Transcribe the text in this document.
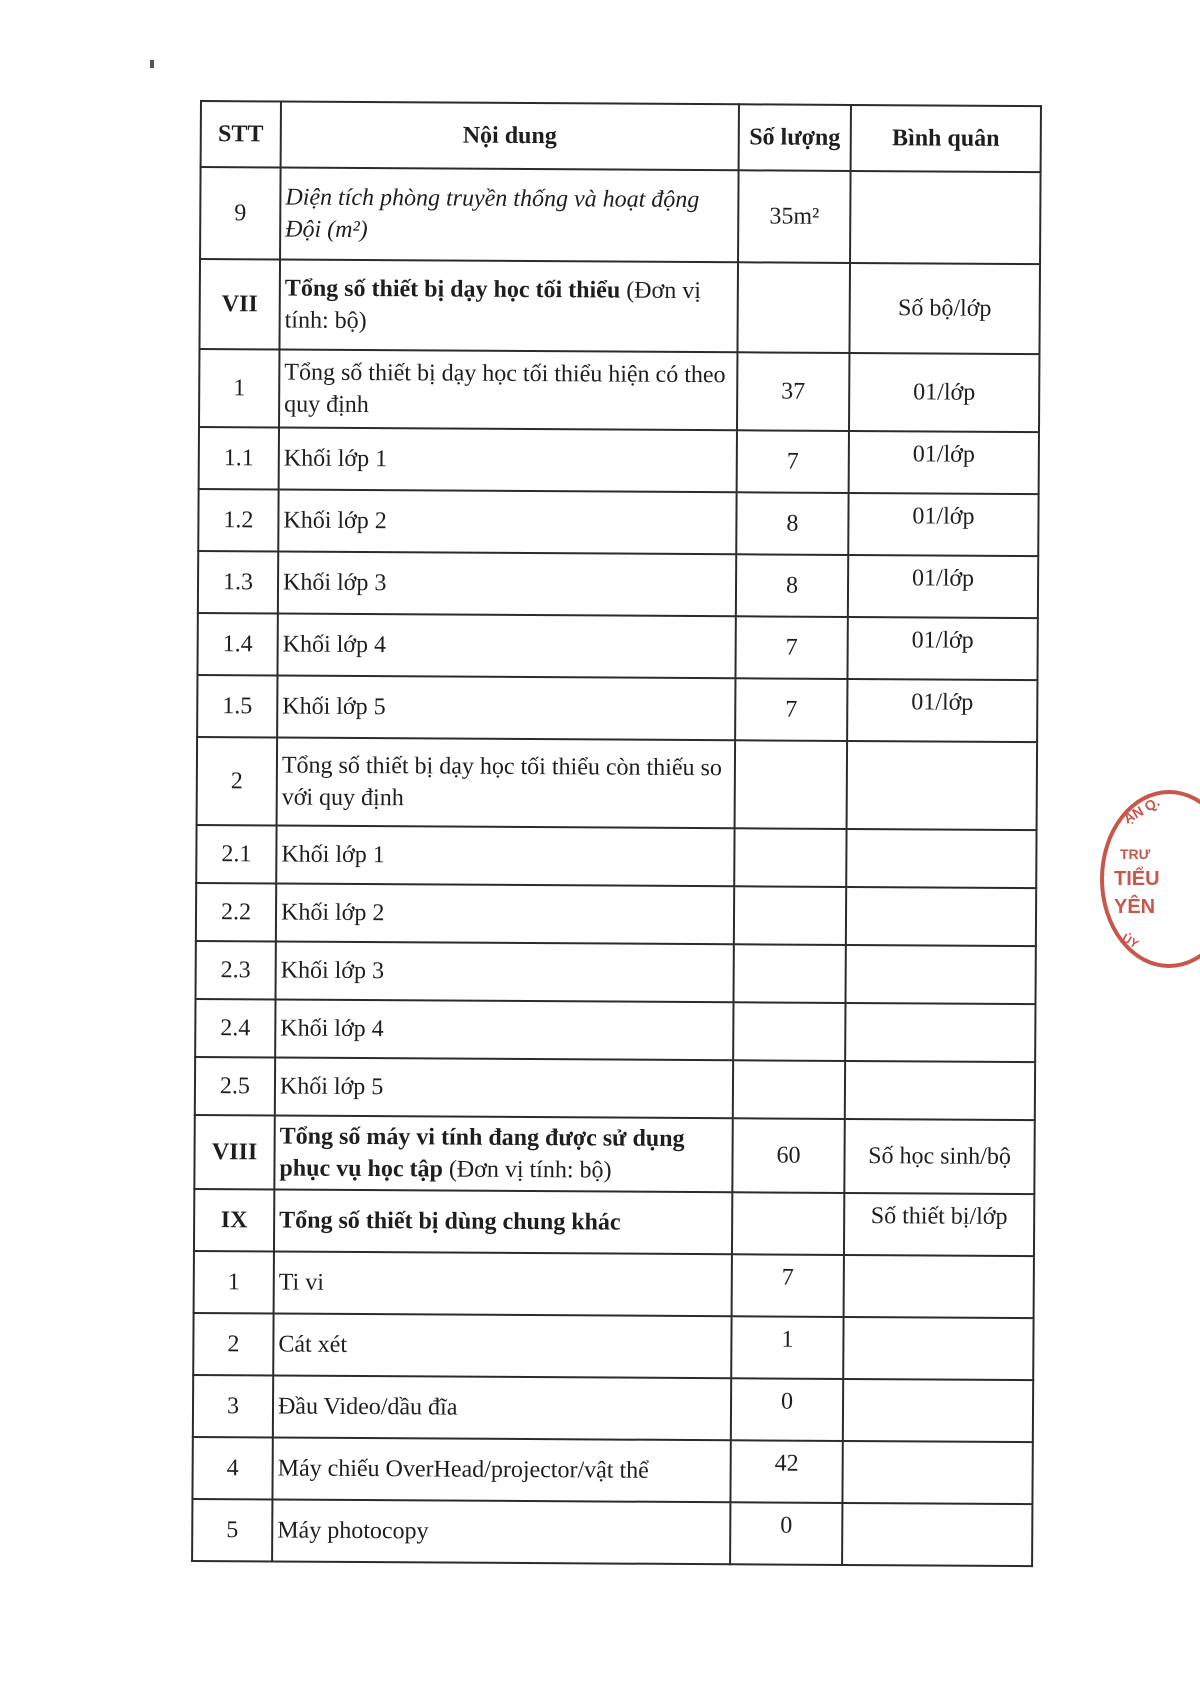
STT	Nội dung	Số lượng	Bình quân
9	Diện tích phòng truyền thống và hoạt động Đội (m²)	35m²	
VII	Tổng số thiết bị dạy học tối thiểu (Đơn vị tính: bộ)		Số bộ/lớp
1	Tổng số thiết bị dạy học tối thiểu hiện có theo quy định	37	01/lớp
1.1	Khối lớp 1	7	01/lớp
1.2	Khối lớp 2	8	01/lớp
1.3	Khối lớp 3	8	01/lớp
1.4	Khối lớp 4	7	01/lớp
1.5	Khối lớp 5	7	01/lớp
2	Tổng số thiết bị dạy học tối thiểu còn thiếu so với quy định		
2.1	Khối lớp 1		
2.2	Khối lớp 2		
2.3	Khối lớp 3		
2.4	Khối lớp 4		
2.5	Khối lớp 5		
VIII	Tổng số máy vi tính đang được sử dụng phục vụ học tập (Đơn vị tính: bộ)	60	Số học sinh/bộ
IX	Tổng số thiết bị dùng chung khác		Số thiết bị/lớp
1	Ti vi	7	
2	Cát xét	1	
3	Đầu Video/dầu đĩa	0	
4	Máy chiếu OverHead/projector/vật thể	42	
5	Máy photocopy	0	
ẬN Q.
TRƯ
TIỂU
YÊN
ỦY
